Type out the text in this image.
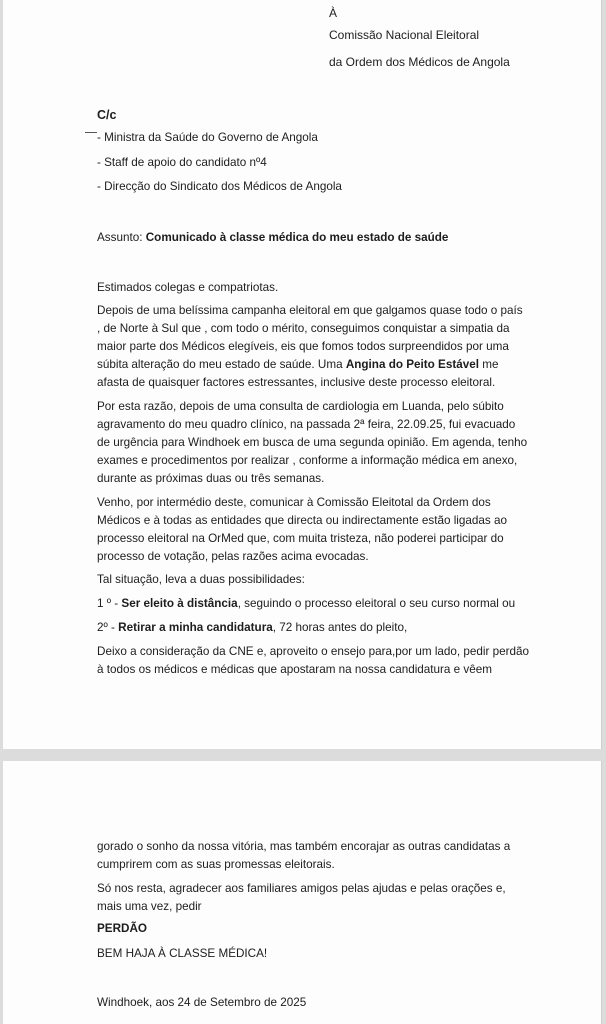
À
Comissão Nacional Eleitoral
da Ordem dos Médicos de Angola
C/c
- Ministra da Saúde do Governo de Angola
- Staff de apoio do candidato nº4
- Direcção do Sindicato dos Médicos de Angola
Assunto: Comunicado à classe médica do meu estado de saúde
Estimados colegas e compatriotas.
Depois de uma belíssima campanha eleitoral em que galgamos quase todo o país
, de Norte à Sul que , com todo o mérito, conseguimos conquistar a simpatia da
maior parte dos Médicos elegíveis, eis que fomos todos surpreendidos por uma
súbita alteração do meu estado de saúde. Uma Angina do Peito Estável me
afasta de quaisquer factores estressantes, inclusive deste processo eleitoral.
Por esta razão, depois de uma consulta de cardiologia em Luanda, pelo súbito
agravamento do meu quadro clínico, na passada 2ª feira, 22.09.25, fui evacuado
de urgência para Windhoek em busca de uma segunda opinião. Em agenda, tenho
exames e procedimentos por realizar , conforme a informação médica em anexo,
durante as próximas duas ou três semanas.
Venho, por intermédio deste, comunicar à Comissão Eleitotal da Ordem dos
Médicos e à todas as entidades que directa ou indirectamente estão ligadas ao
processo eleitoral na OrMed que, com muita tristeza, não poderei participar do
processo de votação, pelas razões acima evocadas.
Tal situação, leva a duas possibilidades:
1 º - Ser eleito à distância, seguindo o processo eleitoral o seu curso normal ou
2º - Retirar a minha candidatura, 72 horas antes do pleito,
Deixo a consideração da CNE e, aproveito o ensejo para,por um lado, pedir perdão
à todos os médicos e médicas que apostaram na nossa candidatura e vêem
gorado o sonho da nossa vitória, mas também encorajar as outras candidatas a
cumprirem com as suas promessas eleitorais.
Só nos resta, agradecer aos familiares amigos pelas ajudas e pelas orações e,
mais uma vez, pedir
PERDÃO
BEM HAJA À CLASSE MÉDICA!
Windhoek, aos 24 de Setembro de 2025
